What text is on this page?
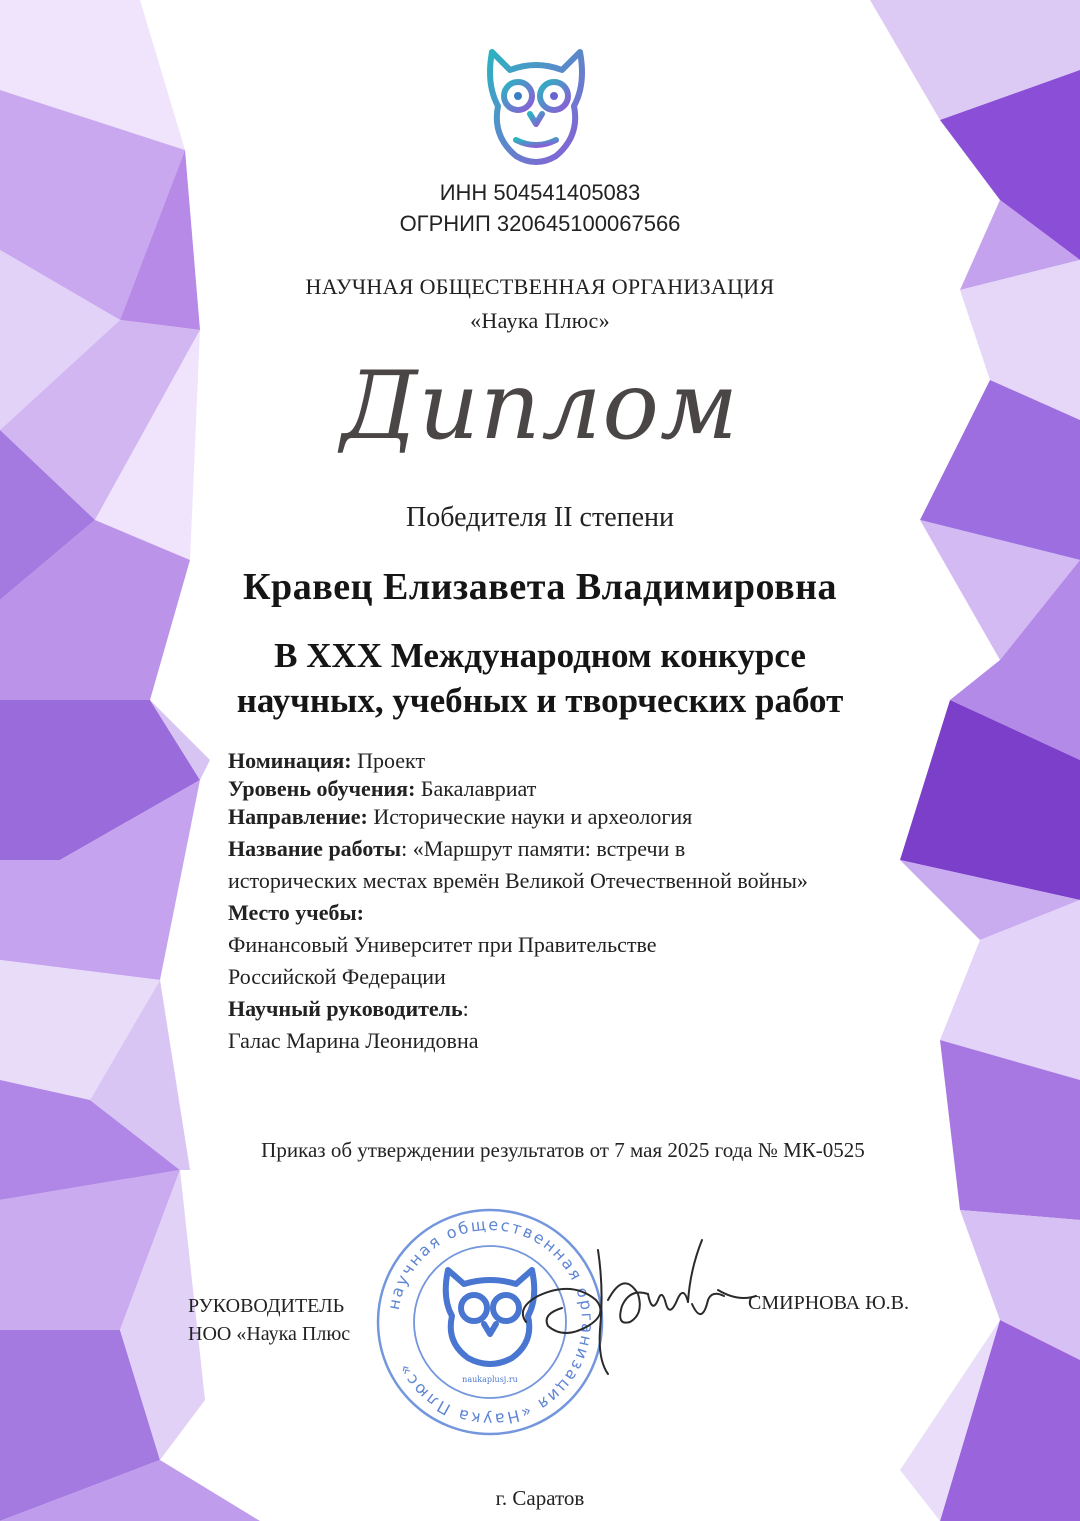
ИНН 504541405083
ОГРНИП 320645100067566
НАУЧНАЯ ОБЩЕСТВЕННАЯ ОРГАНИЗАЦИЯ
«Наука Плюс»
Диплом
Победителя II степени
Кравец Елизавета Владимировна
В XXX Международном конкурсе
научных, учебных и творческих работ

Номинация: Проект

Уровень обучения: Бакалавриат

Направление: Исторические науки и археология

Название работы: «Маршрут памяти: встречи в исторических местах времён Великой Отечественной войны»

Место учебы:

Финансовый Университет при Правительстве

Российской Федерации

Научный руководитель:

Галас Марина Леонидовна

Приказ об утверждении результатов от 7 мая 2025 года № МК-0525
научная общественная организация «Наука Плюс»
naukaplusj.ru
РУКОВОДИТЕЛЬ
НОО «Наука Плюс
СМИРНОВА Ю.В.
г. Саратов
